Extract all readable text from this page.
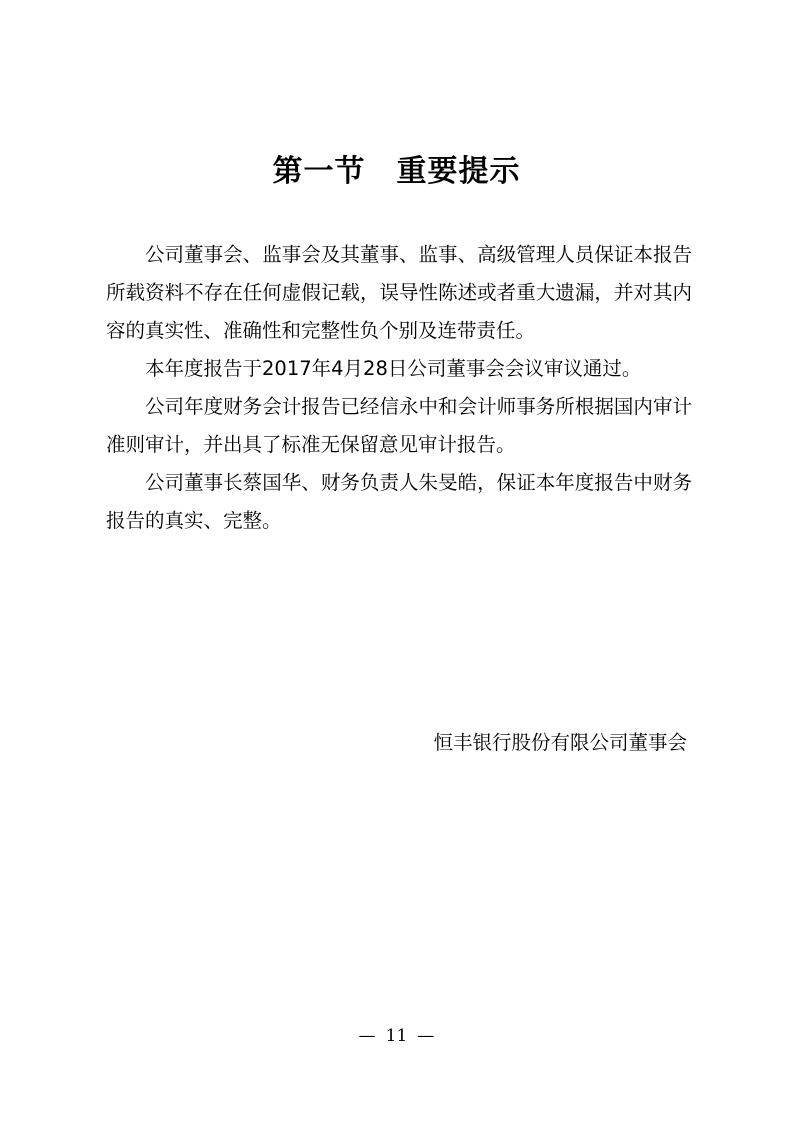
第一节　重要提示

公司董事会、监事会及其董事、监事、高级管理人员保证本报告所载资料不存在任何虚假记载，误导性陈述或者重大遗漏，并对其内容的真实性、准确性和完整性负个别及连带责任。

本年度报告于2017年4月28日公司董事会会议审议通过。

公司年度财务会计报告已经信永中和会计师事务所根据国内审计准则审计，并出具了标准无保留意见审计报告。

公司董事长蔡国华、财务负责人朱旻皓，保证本年度报告中财务报告的真实、完整。

恒丰银行股份有限公司董事会
— 11 —
